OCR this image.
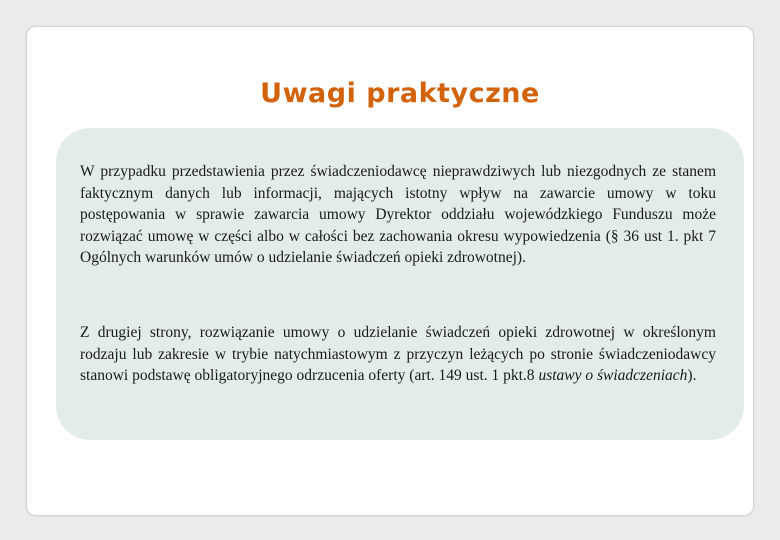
Uwagi praktyczne

W przypadku przedstawienia przez świadczeniodawcę nieprawdziwych lub niezgodnych ze stanem faktycznym danych lub informacji, mających istotny wpływ na zawarcie umowy w toku postępowania w sprawie zawarcia umowy Dyrektor oddziału wojewódzkiego Funduszu może rozwiązać umowę w części albo w całości bez zachowania okresu wypowiedzenia (§ 36 ust 1. pkt 7 Ogólnych warunków umów o udzielanie świadczeń opieki zdrowotnej).

Z drugiej strony, rozwiązanie umowy o udzielanie świadczeń opieki zdrowotnej w określonym rodzaju lub zakresie w trybie natychmiastowym z przyczyn leżących po stronie świadczeniodawcy stanowi podstawę obligatoryjnego odrzucenia oferty (art. 149 ust. 1 pkt.8 ustawy o świadczeniach).
